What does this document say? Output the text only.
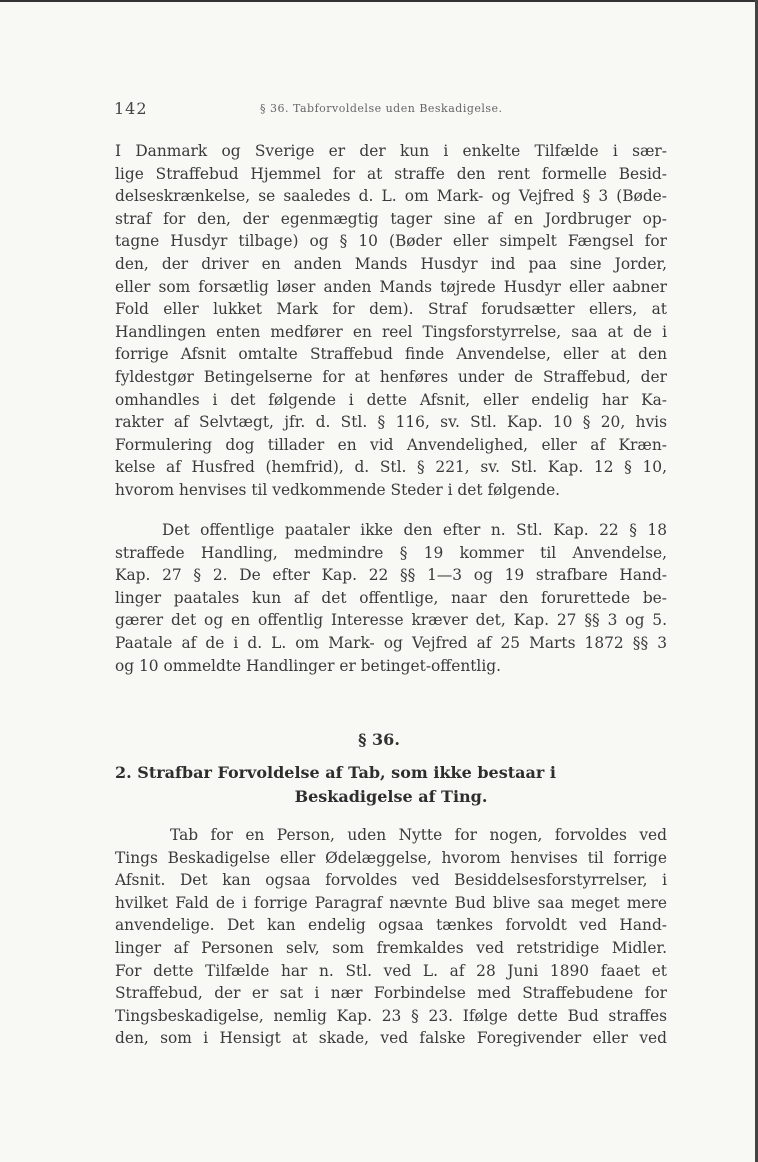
142	§ 36. Tabforvoldelse uden Beskadigelse.
I Danmark og Sverige er der kun i enkelte Tilfælde i sær-
lige Straffebud Hjemmel for at straffe den rent formelle Besid-
delseskrænkelse, se saaledes d. L. om Mark- og Vejfred § 3 (Bøde-
straf for den, der egenmægtig tager sine af en Jordbruger op-
tagne Husdyr tilbage) og § 10 (Bøder eller simpelt Fængsel for
den, der driver en anden Mands Husdyr ind paa sine Jorder,
eller som forsætlig løser anden Mands tøjrede Husdyr eller aabner
Fold eller lukket Mark for dem). Straf forudsætter ellers, at
Handlingen enten medfører en reel Tingsforstyrrelse, saa at de i
forrige Afsnit omtalte Straffebud finde Anvendelse, eller at den
fyldestgør Betingelserne for at henføres under de Straffebud, der
omhandles i det følgende i dette Afsnit, eller endelig har Ka-
rakter af Selvtægt, jfr. d. Stl. § 116, sv. Stl. Kap. 10 § 20, hvis
Formulering dog tillader en vid Anvendelighed, eller af Kræn-
kelse af Husfred (hemfrid), d. Stl. § 221, sv. Stl. Kap. 12 § 10,
hvorom henvises til vedkommende Steder i det følgende.
Det offentlige paataler ikke den efter n. Stl. Kap. 22 § 18
straffede Handling, medmindre § 19 kommer til Anvendelse,
Kap. 27 § 2. De efter Kap. 22 §§ 1—3 og 19 strafbare Hand-
linger paatales kun af det offentlige, naar den forurettede be-
gærer det og en offentlig Interesse kræver det, Kap. 27 §§ 3 og 5.
Paatale af de i d. L. om Mark- og Vejfred af 25 Marts 1872 §§ 3
og 10 ommeldte Handlinger er betinget-offentlig.
§ 36.
2. Strafbar Forvoldelse af Tab, som ikke bestaar i
Beskadigelse af Ting.
Tab for en Person, uden Nytte for nogen, forvoldes ved
Tings Beskadigelse eller Ødelæggelse, hvorom henvises til forrige
Afsnit. Det kan ogsaa forvoldes ved Besiddelsesforstyrrelser, i
hvilket Fald de i forrige Paragraf nævnte Bud blive saa meget mere
anvendelige. Det kan endelig ogsaa tænkes forvoldt ved Hand-
linger af Personen selv, som fremkaldes ved retstridige Midler.
For dette Tilfælde har n. Stl. ved L. af 28 Juni 1890 faaet et
Straffebud, der er sat i nær Forbindelse med Straffebudene for
Tingsbeskadigelse, nemlig Kap. 23 § 23. Ifølge dette Bud straffes
den, som i Hensigt at skade, ved falske Foregivender eller ved
